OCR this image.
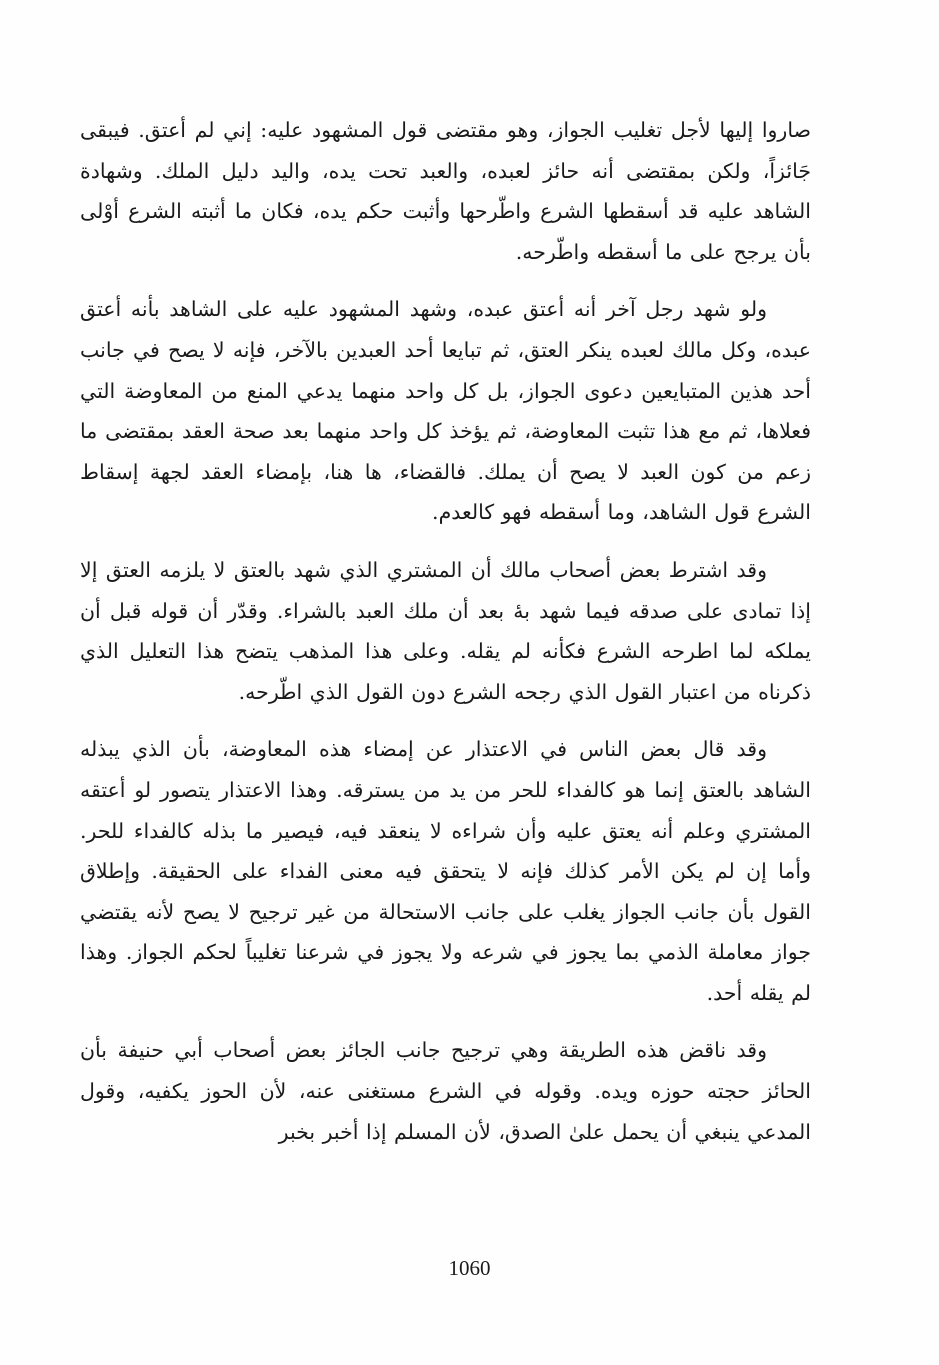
صاروا إليها لأجل تغليب الجواز، وهو مقتضى قول المشهود عليه: إني لم أعتق. فيبقى جَائزاً، ولكن بمقتضى أنه حائز لعبده، والعبد تحت يده، واليد دليل الملك. وشهادة الشاهد عليه قد أسقطها الشرع واطّرحها وأثبت حكم يده، فكان ما أثبته الشرع أوْلى بأن يرجح على ما أسقطه واطّرحه.

ولو شهد رجل آخر أنه أعتق عبده، وشهد المشهود عليه على الشاهد بأنه أعتق عبده، وكل مالك لعبده ينكر العتق، ثم تبايعا أحد العبدين بالآخر، فإنه لا يصح في جانب أحد هذين المتبايعين دعوى الجواز، بل كل واحد منهما يدعي المنع من المعاوضة التي فعلاها، ثم مع هذا تثبت المعاوضة، ثم يؤخذ كل واحد منهما بعد صحة العقد بمقتضى ما زعم من كون العبد لا يصح أن يملك. فالقضاء، ها هنا، بإمضاء العقد لجهة إسقاط الشرع قول الشاهد، وما أسقطه فهو كالعدم.

وقد اشترط بعض أصحاب مالك أن المشتري الذي شهد بالعتق لا يلزمه العتق إلا إذا تمادى على صدقه فيما شهد بهٔ بعد أن ملك العبد بالشراء. وقدّر أن قوله قبل أن يملكه لما اطرحه الشرع فكأنه لم يقله. وعلى هذا المذهب يتضح هذا التعليل الذي ذكرناه من اعتبار القول الذي رجحه الشرع دون القول الذي اطّرحه.

وقد قال بعض الناس في الاعتذار عن إمضاء هذه المعاوضة، بأن الذي يبذله الشاهد بالعتق إنما هو كالفداء للحر من يد من يسترقه. وهذا الاعتذار يتصور لو أعتقه المشتري وعلم أنه يعتق عليه وأن شراءه لا ينعقد فيه، فيصير ما بذله كالفداء للحر. وأما إن لم يكن الأمر كذلك فإنه لا يتحقق فيه معنى الفداء على الحقيقة. وإطلاق القول بأن جانب الجواز يغلب على جانب الاستحالة من غير ترجيح لا يصح لأنه يقتضي جواز معاملة الذمي بما يجوز في شرعه ولا يجوز في شرعنا تغليباً لحكم الجواز. وهذا لم يقله أحد.

وقد ناقض هذه الطريقة وهي ترجيح جانب الجائز بعض أصحاب أبي حنيفة بأن الحائز حجته حوزه ويده. وقوله في الشرع مستغنى عنه، لأن الحوز يكفيه، وقول المدعي ينبغي أن يحمل علىٰ الصدق، لأن المسلم إذا أخبر بخبر

1060
